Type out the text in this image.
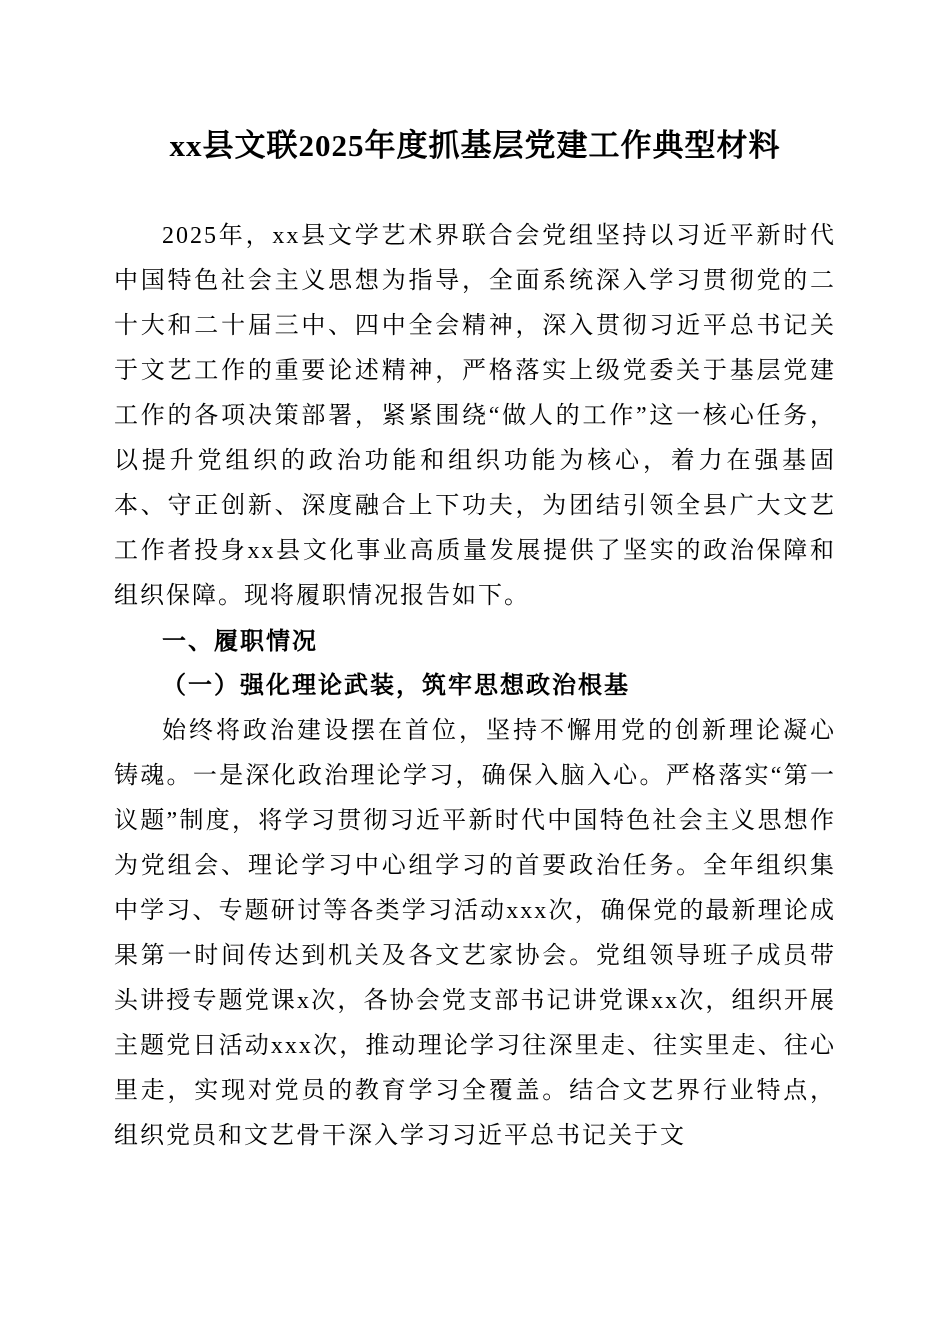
xx县文联2025年度抓基层党建工作典型材料

2025年，xx县文学艺术界联合会党组坚持以习近平新时代中国特色社会主义思想为指导，全面系统深入学习贯彻党的二十大和二十届三中、四中全会精神，深入贯彻习近平总书记关于文艺工作的重要论述精神，严格落实上级党委关于基层党建工作的各项决策部署，紧紧围绕“做人的工作”这一核心任务，以提升党组织的政治功能和组织功能为核心，着力在强基固本、守正创新、深度融合上下功夫，为团结引领全县广大文艺工作者投身xx县文化事业高质量发展提供了坚实的政治保障和组织保障。现将履职情况报告如下。

一、履职情况

（一）强化理论武装，筑牢思想政治根基

始终将政治建设摆在首位，坚持不懈用党的创新理论凝心铸魂。一是深化政治理论学习，确保入脑入心。严格落实“第一议题”制度，将学习贯彻习近平新时代中国特色社会主义思想作为党组会、理论学习中心组学习的首要政治任务。全年组织集中学习、专题研讨等各类学习活动xxx次，确保党的最新理论成果第一时间传达到机关及各文艺家协会。党组领导班子成员带头讲授专题党课x次，各协会党支部书记讲党课xx次，组织开展主题党日活动xxx次，推动理论学习往深里走、往实里走、往心里走，实现对党员的教育学习全覆盖。结合文艺界行业特点，组织党员和文艺骨干深入学习习近平总书记关于文
